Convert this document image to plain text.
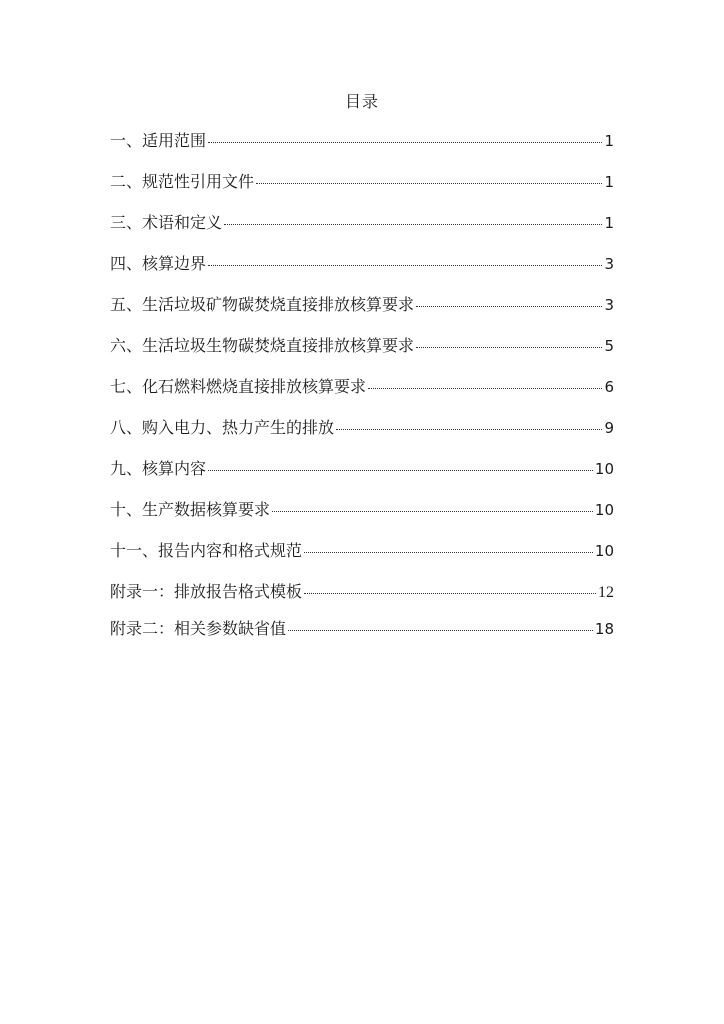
目录
一、适用范围	1
二、规范性引用文件	1
三、术语和定义	1
四、核算边界	3
五、生活垃圾矿物碳焚烧直接排放核算要求	3
六、生活垃圾生物碳焚烧直接排放核算要求	5
七、化石燃料燃烧直接排放核算要求	6
八、购入电力、热力产生的排放	9
九、核算内容	10
十、生产数据核算要求	10
十一、报告内容和格式规范	10
附录一：排放报告格式模板	12
附录二：相关参数缺省值	18
